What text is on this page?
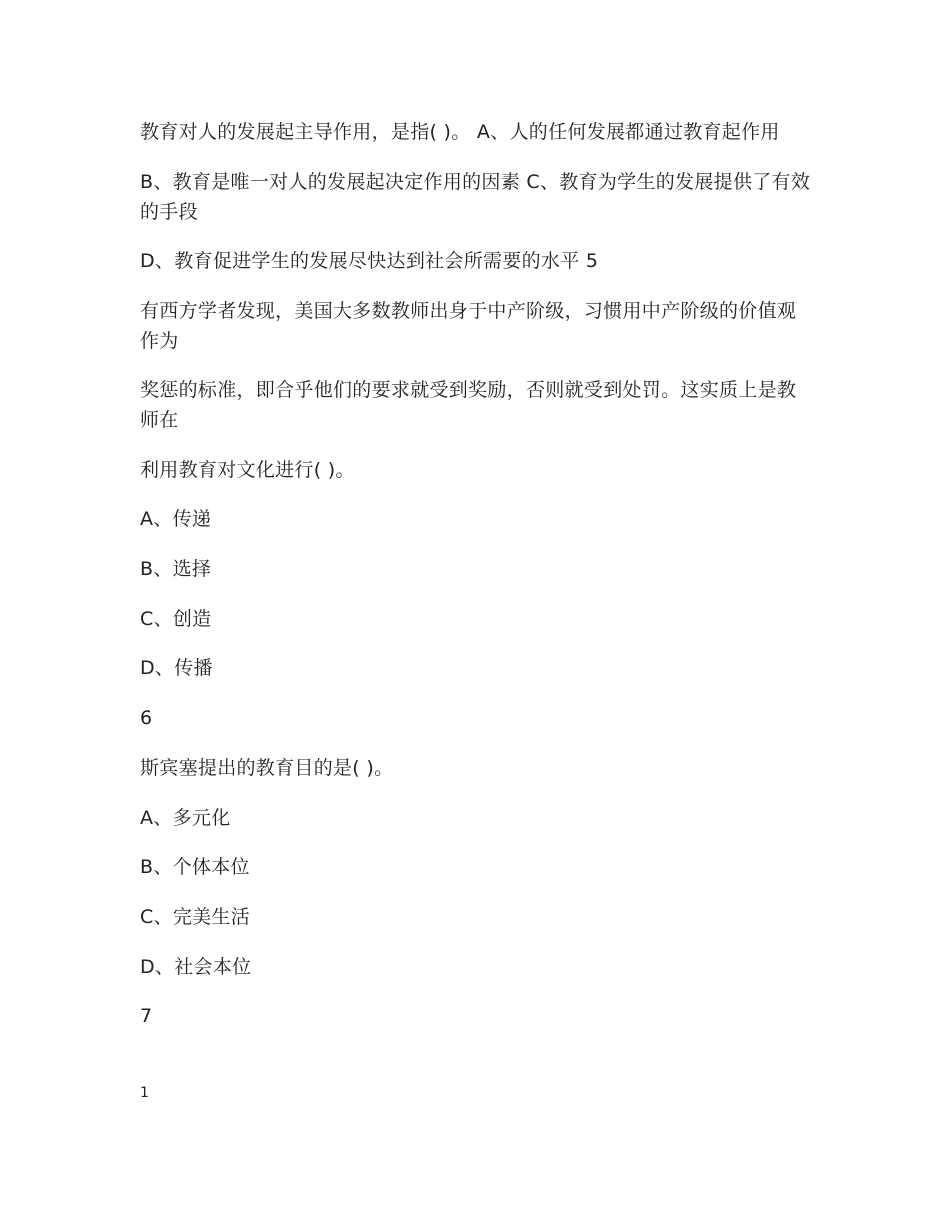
教育对人的发展起主导作用，是指( )。 A、人的任何发展都通过教育起作用

B、教育是唯一对人的发展起决定作用的因素 C、教育为学生的发展提供了有效的手段

D、教育促进学生的发展尽快达到社会所需要的水平 5

有西方学者发现，美国大多数教师出身于中产阶级，习惯用中产阶级的价值观作为

奖惩的标准，即合乎他们的要求就受到奖励，否则就受到处罚。这实质上是教师在

利用教育对文化进行( )。

A、传递

B、选择

C、创造

D、传播

6

斯宾塞提出的教育目的是( )。

A、多元化

B、个体本位

C、完美生活

D、社会本位

7

1
